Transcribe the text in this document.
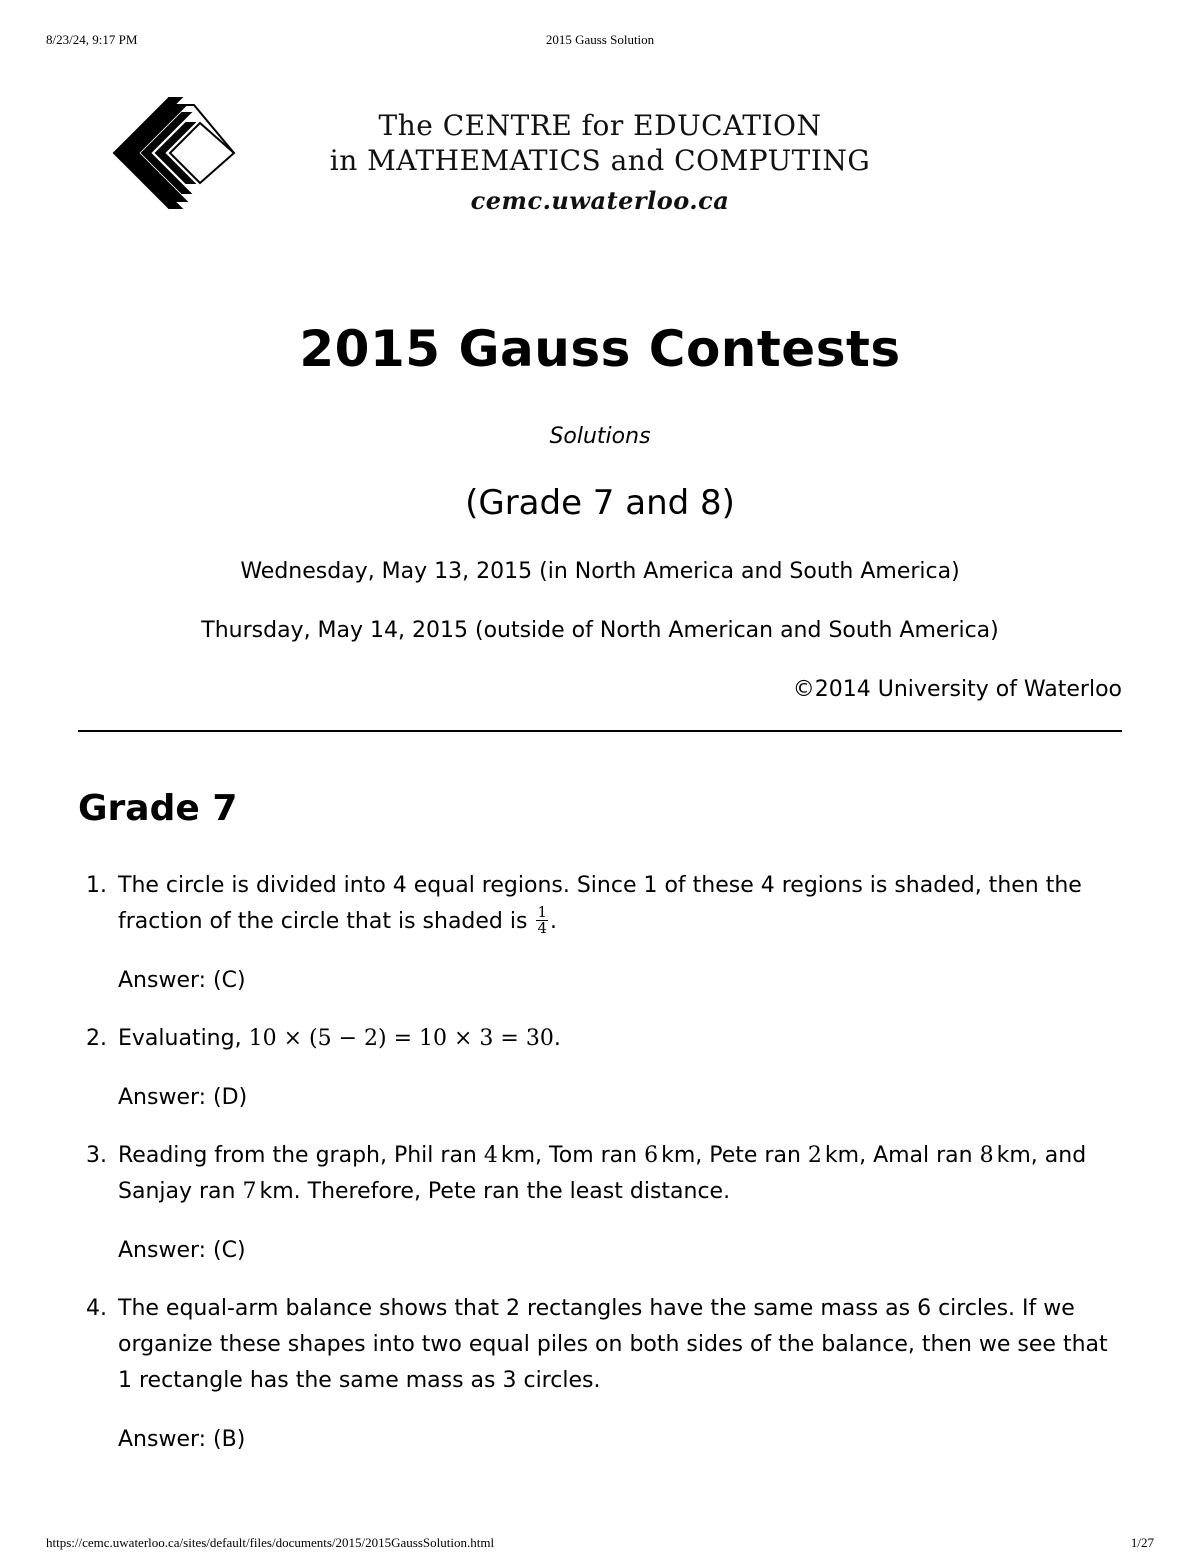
8/23/24, 9:17 PM	2015 Gauss Solution
The CENTRE for EDUCATION
in MATHEMATICS and COMPUTING
cemc.uwaterloo.ca
2015 Gauss Contests
Solutions
(Grade 7 and 8)
Wednesday, May 13, 2015 (in North America and South America)
Thursday, May 14, 2015 (outside of North American and South America)
©2014 University of Waterloo
Grade 7
1. The circle is divided into 4 equal regions. Since 1 of these 4 regions is shaded, then the fraction of the circle that is shaded is $\frac{1}{4}$ .
Answer: (C)
2. Evaluating, 10 × (5 − 2) = 10 × 3 = 30.
Answer: (D)
3. Reading from the graph, Phil ran 4 km, Tom ran 6 km, Pete ran 2 km, Amal ran 8 km, and Sanjay ran 7 km. Therefore, Pete ran the least distance.
Answer: (C)
4. The equal-arm balance shows that 2 rectangles have the same mass as 6 circles. If we organize these shapes into two equal piles on both sides of the balance, then we see that 1 rectangle has the same mass as 3 circles.
Answer: (B)
https://cemc.uwaterloo.ca/sites/default/files/documents/2015/2015GaussSolution.html	1/27
